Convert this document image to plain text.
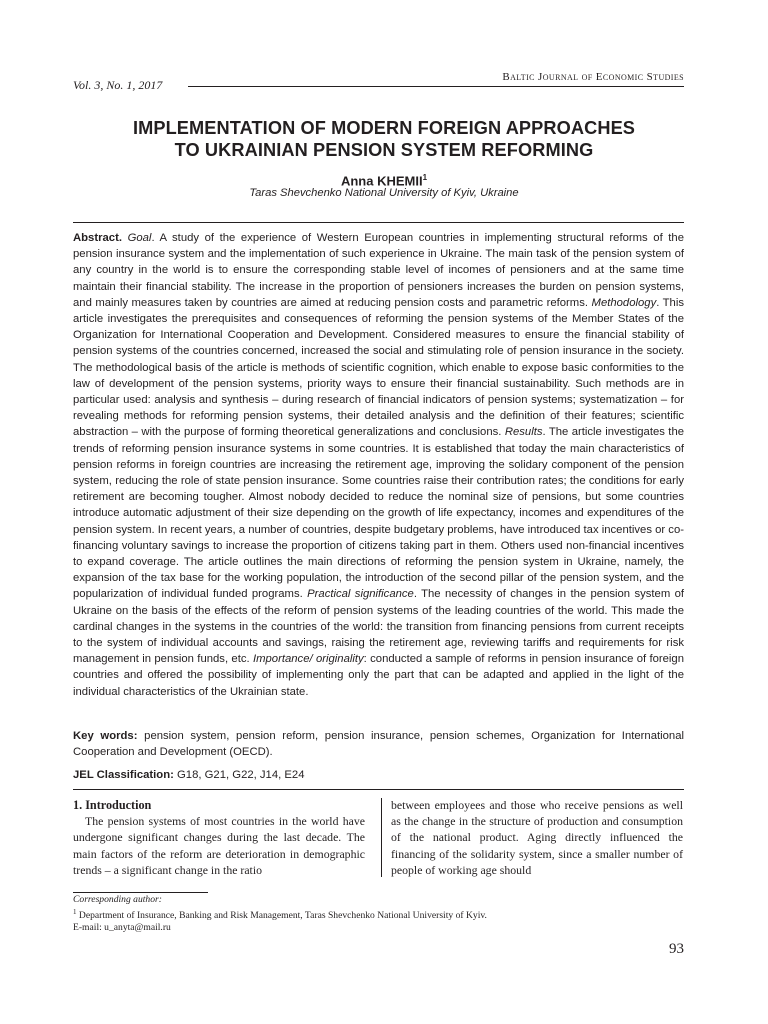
Vol. 3, No. 1, 2017
Baltic Journal of Economic Studies
IMPLEMENTATION OF MODERN FOREIGN APPROACHES
TO UKRAINIAN PENSION SYSTEM REFORMING
Anna KHEMII$^1$
Taras Shevchenko National University of Kyiv, Ukraine
Abstract. Goal. A study of the experience of Western European countries in implementing structural reforms of the pension insurance system and the implementation of such experience in Ukraine. The main task of the pension system of any country in the world is to ensure the corresponding stable level of incomes of pensioners and at the same time maintain their financial stability. The increase in the proportion of pensioners increases the burden on pension systems, and mainly measures taken by countries are aimed at reducing pension costs and parametric reforms. Methodology. This article investigates the prerequisites and consequences of reforming the pension systems of the Member States of the Organization for International Cooperation and Development. Considered measures to ensure the financial stability of pension systems of the countries concerned, increased the social and stimulating role of pension insurance in the society. The methodological basis of the article is methods of scientific cognition, which enable to expose basic conformities to the law of development of the pension systems, priority ways to ensure their financial sustainability. Such methods are in particular used: analysis and synthesis – during research of financial indicators of pension systems; systematization – for revealing methods for reforming pension systems, their detailed analysis and the definition of their features; scientific abstraction – with the purpose of forming theoretical generalizations and conclusions. Results. The article investigates the trends of reforming pension insurance systems in some countries. It is established that today the main characteristics of pension reforms in foreign countries are increasing the retirement age, improving the solidary component of the pension system, reducing the role of state pension insurance. Some countries raise their contribution rates; the conditions for early retirement are becoming tougher. Almost nobody decided to reduce the nominal size of pensions, but some countries introduce automatic adjustment of their size depending on the growth of life expectancy, incomes and expenditures of the pension system. In recent years, a number of countries, despite budgetary problems, have introduced tax incentives or co-financing voluntary savings to increase the proportion of citizens taking part in them. Others used non-financial incentives to expand coverage. The article outlines the main directions of reforming the pension system in Ukraine, namely, the expansion of the tax base for the working population, the introduction of the second pillar of the pension system, and the popularization of individual funded programs. Practical significance. The necessity of changes in the pension system of Ukraine on the basis of the effects of the reform of pension systems of the leading countries of the world. This made the cardinal changes in the systems in the countries of the world: the transition from financing pensions from current receipts to the system of individual accounts and savings, raising the retirement age, reviewing tariffs and requirements for risk management in pension funds, etc. Importance/ originality: conducted a sample of reforms in pension insurance of foreign countries and offered the possibility of implementing only the part that can be adapted and applied in the light of the individual characteristics of the Ukrainian state.
Key words: pension system, pension reform, pension insurance, pension schemes, Organization for International Cooperation and Development (OECD).
JEL Classification: G18, G21, G22, J14, E24

1. Introduction

The pension systems of most countries in the world have undergone significant changes during the last decade. The main factors of the reform are deterioration in demographic trends – a significant change in the ratio

between employees and those who receive pensions as well as the change in the structure of production and consumption of the national product. Aging directly influenced the financing of the solidarity system, since a smaller number of people of working age should

Corresponding author:
$^1$ Department of Insurance, Banking and Risk Management, Taras Shevchenko National University of Kyiv.
E-mail: u_anyta@mail.ru
93
